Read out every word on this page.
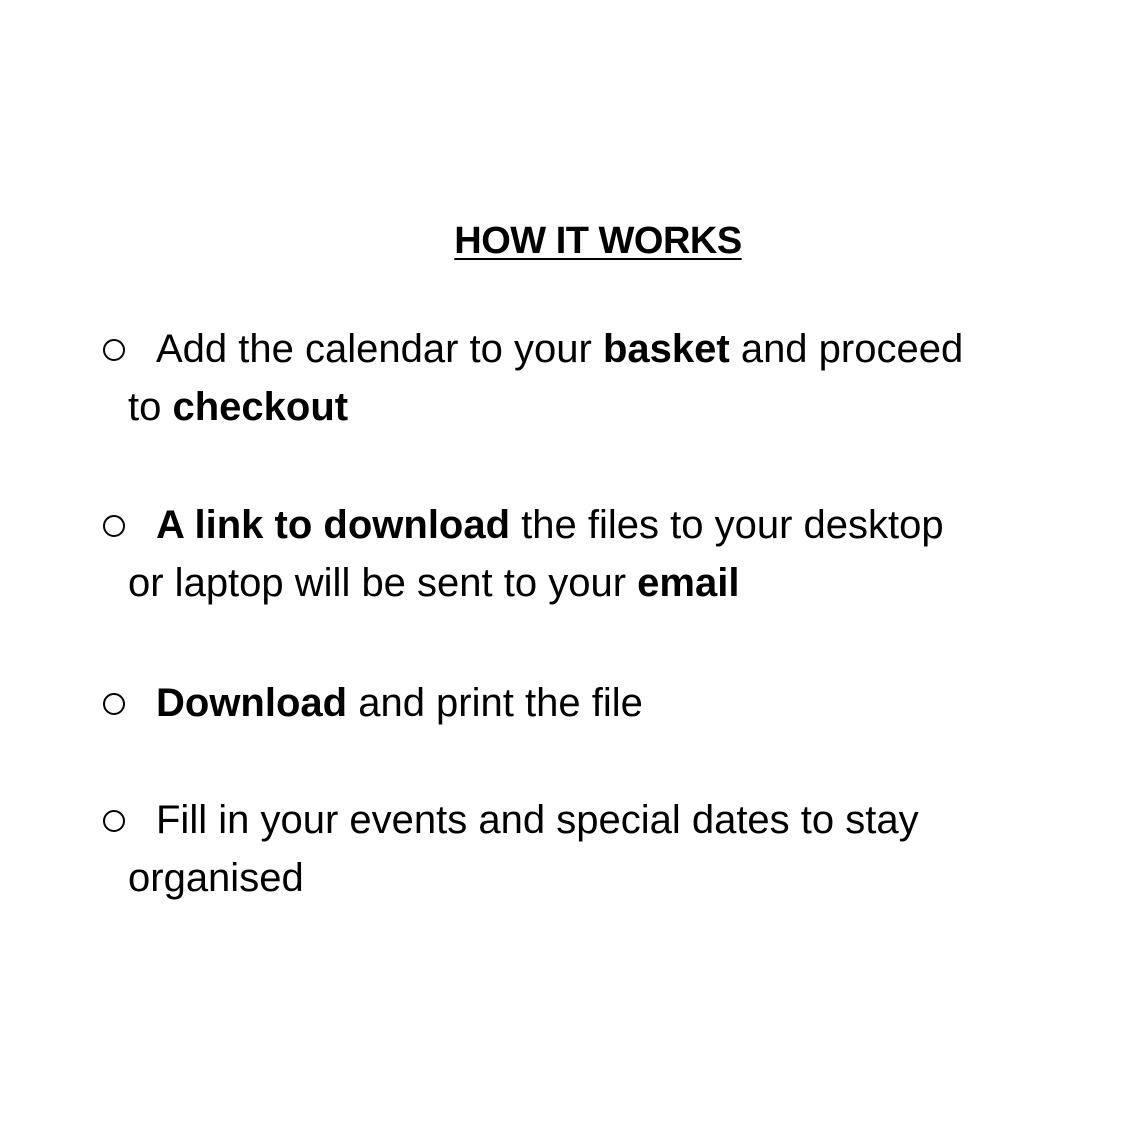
HOW IT WORKS
Add the calendar to your basket and proceed
to checkout
A link to download the files to your desktop
or laptop will be sent to your email
Download and print the file
Fill in your events and special dates to stay
organised
